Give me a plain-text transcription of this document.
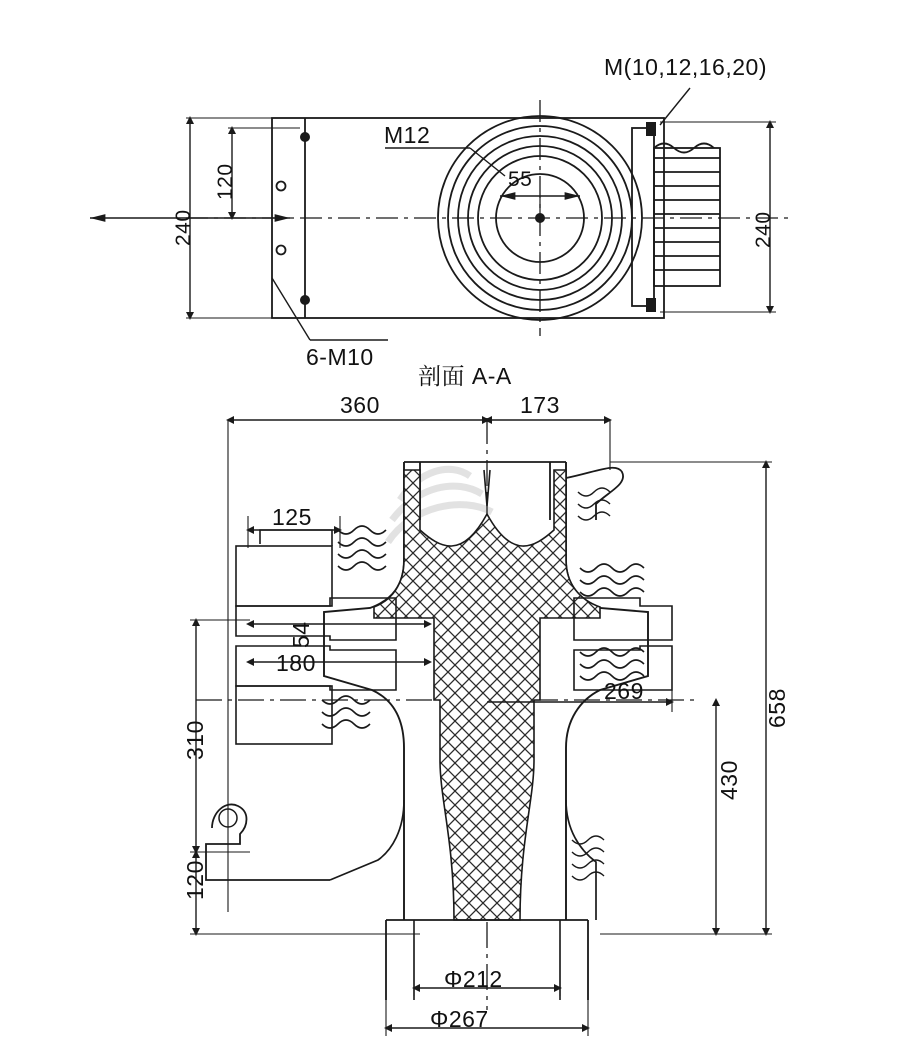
M(10,12,16,20)
M12
55
240
120
240
6-M10
剖面 A-A
360	173
125
54
180
269
310
120
430
658
Φ212
Φ267
